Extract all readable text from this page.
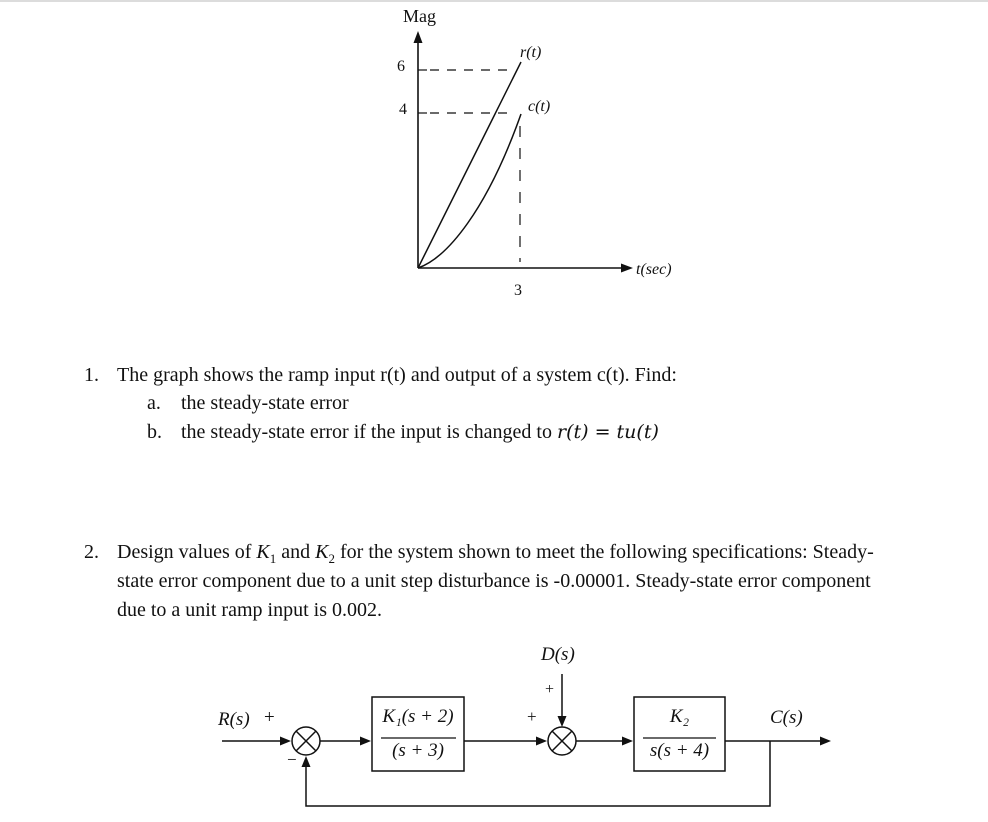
Mag
6
4
r(t)
c(t)
3
t(sec)
1. The graph shows the ramp input r(t) and output of a system c(t). Find:
a. the steady-state error
b. the steady-state error if the input is changed to r(t) = tu(t)
2. Design values of $K_1$ and $K_2$ for the system shown to meet the following specifications: Steady-
state error component due to a unit step disturbance is -0.00001. Steady-state error component
due to a unit ramp input is 0.002.
D(s)
R(s) +
−
+
+	C(s)
K₁(s + 2)
(s + 3)
K₂
s(s + 4)
